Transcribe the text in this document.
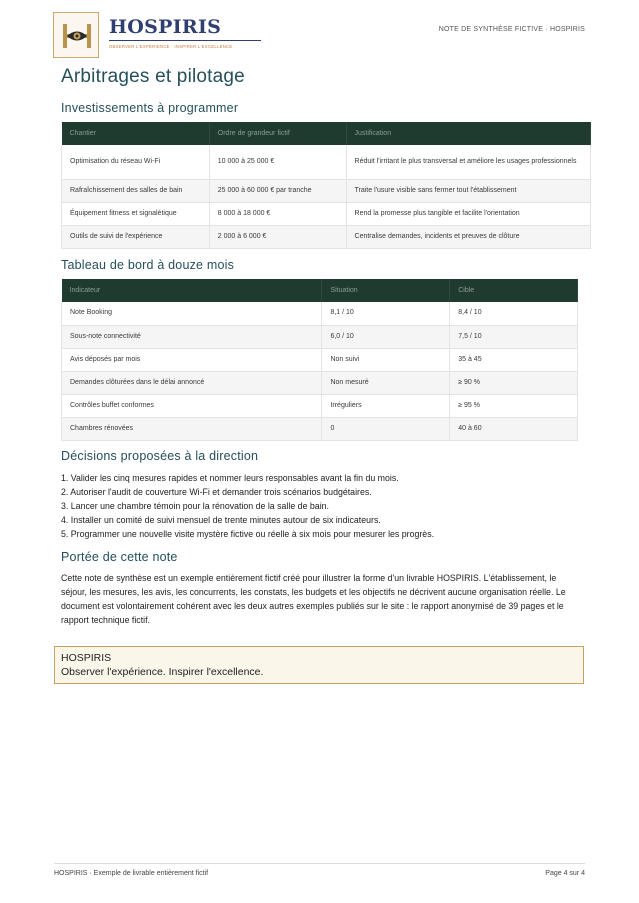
HOSPIRIS
OBSERVER L'EXPÉRIENCE · INSPIRER L'EXCELLENCE
NOTE DE SYNTHÈSE FICTIVE · HOSPIRIS
Arbitrages et pilotage
Investissements à programmer
Chantier	Ordre de grandeur fictif	Justification
Optimisation du réseau Wi-Fi	10 000 à 25 000 €	Réduit l'irritant le plus transversal et améliore les usages professionnels
Rafraîchissement des salles de bain	25 000 à 60 000 € par tranche	Traite l'usure visible sans fermer tout l'établissement
Équipement fitness et signalétique	8 000 à 18 000 €	Rend la promesse plus tangible et facilite l'orientation
Outils de suivi de l'expérience	2 000 à 6 000 €	Centralise demandes, incidents et preuves de clôture
Tableau de bord à douze mois
Indicateur	Situation	Cible
Note Booking	8,1 / 10	8,4 / 10
Sous-note connectivité	6,0 / 10	7,5 / 10
Avis déposés par mois	Non suivi	35 à 45
Demandes clôturées dans le délai annoncé	Non mesuré	≥ 90 %
Contrôles buffet conformes	Irréguliers	≥ 95 %
Chambres rénovées	0	40 à 60
Décisions proposées à la direction
1. Valider les cinq mesures rapides et nommer leurs responsables avant la fin du mois.
2. Autoriser l'audit de couverture Wi-Fi et demander trois scénarios budgétaires.
3. Lancer une chambre témoin pour la rénovation de la salle de bain.
4. Installer un comité de suivi mensuel de trente minutes autour de six indicateurs.
5. Programmer une nouvelle visite mystère fictive ou réelle à six mois pour mesurer les progrès.
Portée de cette note

Cette note de synthèse est un exemple entièrement fictif créé pour illustrer la forme d'un livrable HOSPIRIS. L'établissement, le séjour, les mesures, les avis, les concurrents, les constats, les budgets et les objectifs ne décrivent aucune organisation réelle. Le document est volontairement cohérent avec les deux autres exemples publiés sur le site : le rapport anonymisé de 39 pages et le rapport technique fictif.

HOSPIRIS
Observer l'expérience. Inspirer l'excellence.
HOSPIRIS · Exemple de livrable entièrement fictif	Page 4 sur 4
